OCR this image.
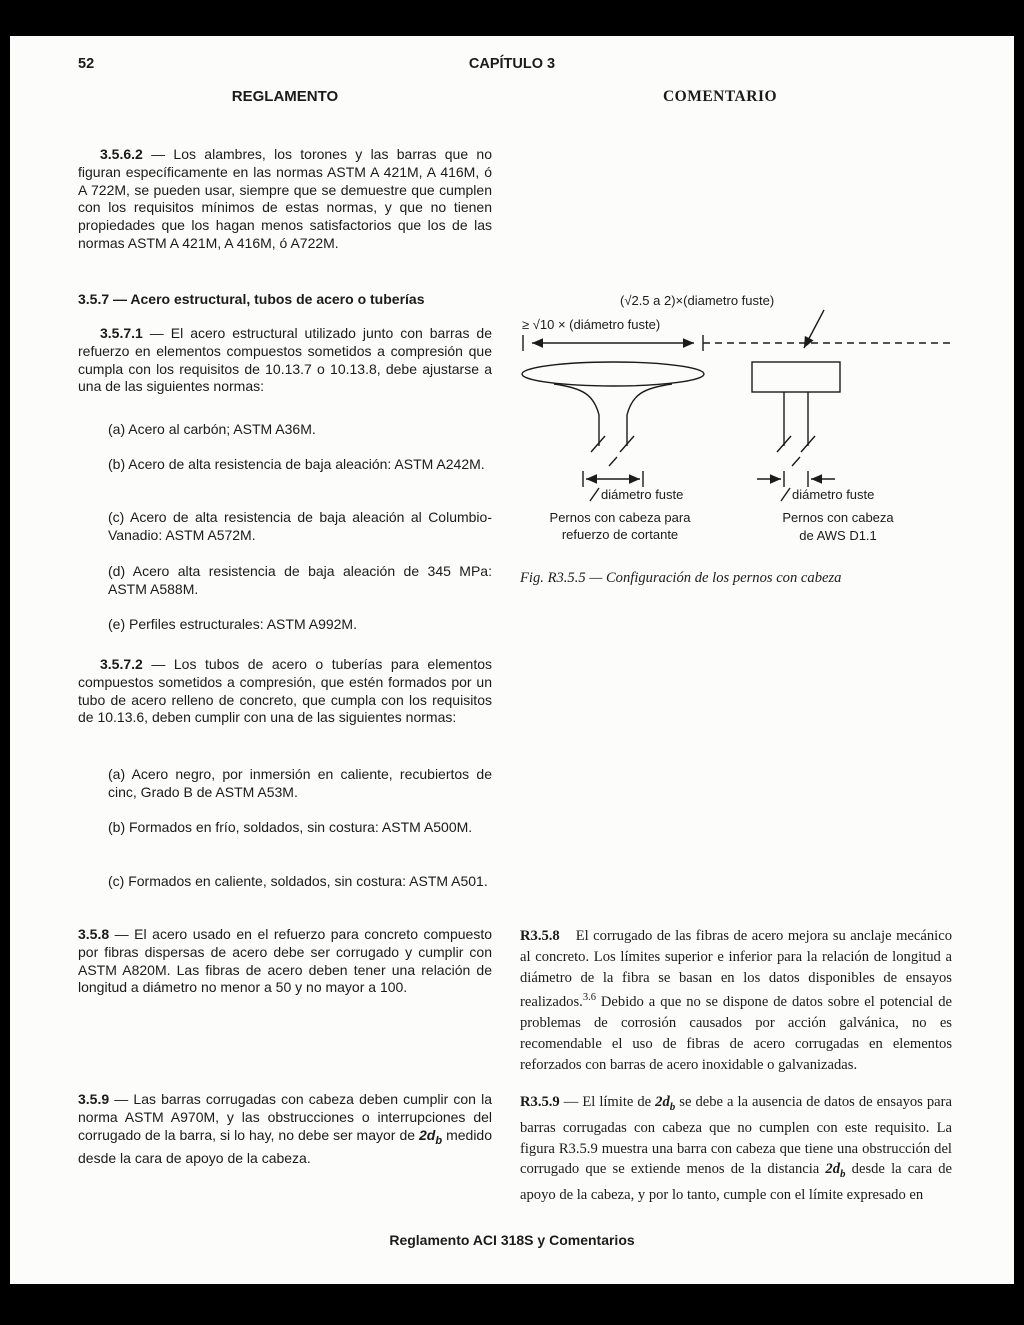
52	CAPÍTULO 3
REGLAMENTO	COMENTARIO

3.5.6.2 — Los alambres, los torones y las barras que no figuran específicamente en las normas ASTM A 421M, A 416M, ó A 722M, se pueden usar, siempre que se demuestre que cumplen con los requisitos mínimos de estas normas, y que no tienen propiedades que los hagan menos satisfactorios que los de las normas ASTM A 421M, A 416M, ó A722M.

3.5.7 — Acero estructural, tubos de acero o tuberías

3.5.7.1 — El acero estructural utilizado junto con barras de refuerzo en elementos compuestos sometidos a compresión que cumpla con los requisitos de 10.13.7 o 10.13.8, debe ajustarse a una de las siguientes normas:

(a) Acero al carbón; ASTM A36M.

(b) Acero de alta resistencia de baja aleación: ASTM A242M.

(c) Acero de alta resistencia de baja aleación al Columbio-Vanadio: ASTM A572M.

(d) Acero alta resistencia de baja aleación de 345 MPa: ASTM A588M.

(e) Perfiles estructurales: ASTM A992M.

3.5.7.2 — Los tubos de acero o tuberías para elementos compuestos sometidos a compresión, que estén formados por un tubo de acero relleno de concreto, que cumpla con los requisitos de 10.13.6, deben cumplir con una de las siguientes normas:

(a) Acero negro, por inmersión en caliente, recubiertos de cinc, Grado B de ASTM A53M.

(b) Formados en frío, soldados, sin costura: ASTM A500M.

(c) Formados en caliente, soldados, sin costura: ASTM A501.

3.5.8 — El acero usado en el refuerzo para concreto compuesto por fibras dispersas de acero debe ser corrugado y cumplir con ASTM A820M. Las fibras de acero deben tener una relación de longitud a diámetro no menor a 50 y no mayor a 100.

3.5.9 — Las barras corrugadas con cabeza deben cumplir con la norma ASTM A970M, y las obstrucciones o interrupciones del corrugado de la barra, si lo hay, no debe ser mayor de $2d_b$ medido desde la cara de apoyo de la cabeza.

(√2.5 a 2)×(diametro fuste)
≥ √10 × (diámetro fuste)
diámetro fuste	diámetro fuste
Pernos con cabeza para
refuerzo de cortante
Pernos con cabeza
de AWS D1.1
Fig. R3.5.5 — Configuración de los pernos con cabeza

R3.5.8 El corrugado de las fibras de acero mejora su anclaje mecánico al concreto. Los límites superior e inferior para la relación de longitud a diámetro de la fibra se basan en los datos disponibles de ensayos realizados.$^{3.6}$ Debido a que no se dispone de datos sobre el potencial de problemas de corrosión causados por acción galvánica, no es recomendable el uso de fibras de acero corrugadas en elementos reforzados con barras de acero inoxidable o galvanizadas.

R3.5.9 — El límite de $2d_b$ se debe a la ausencia de datos de ensayos para barras corrugadas con cabeza que no cumplen con este requisito. La figura R3.5.9 muestra una barra con cabeza que tiene una obstrucción del corrugado que se extiende menos de la distancia $2d_b$ desde la cara de apoyo de la cabeza, y por lo tanto, cumple con el límite expresado en

Reglamento ACI 318S y Comentarios
